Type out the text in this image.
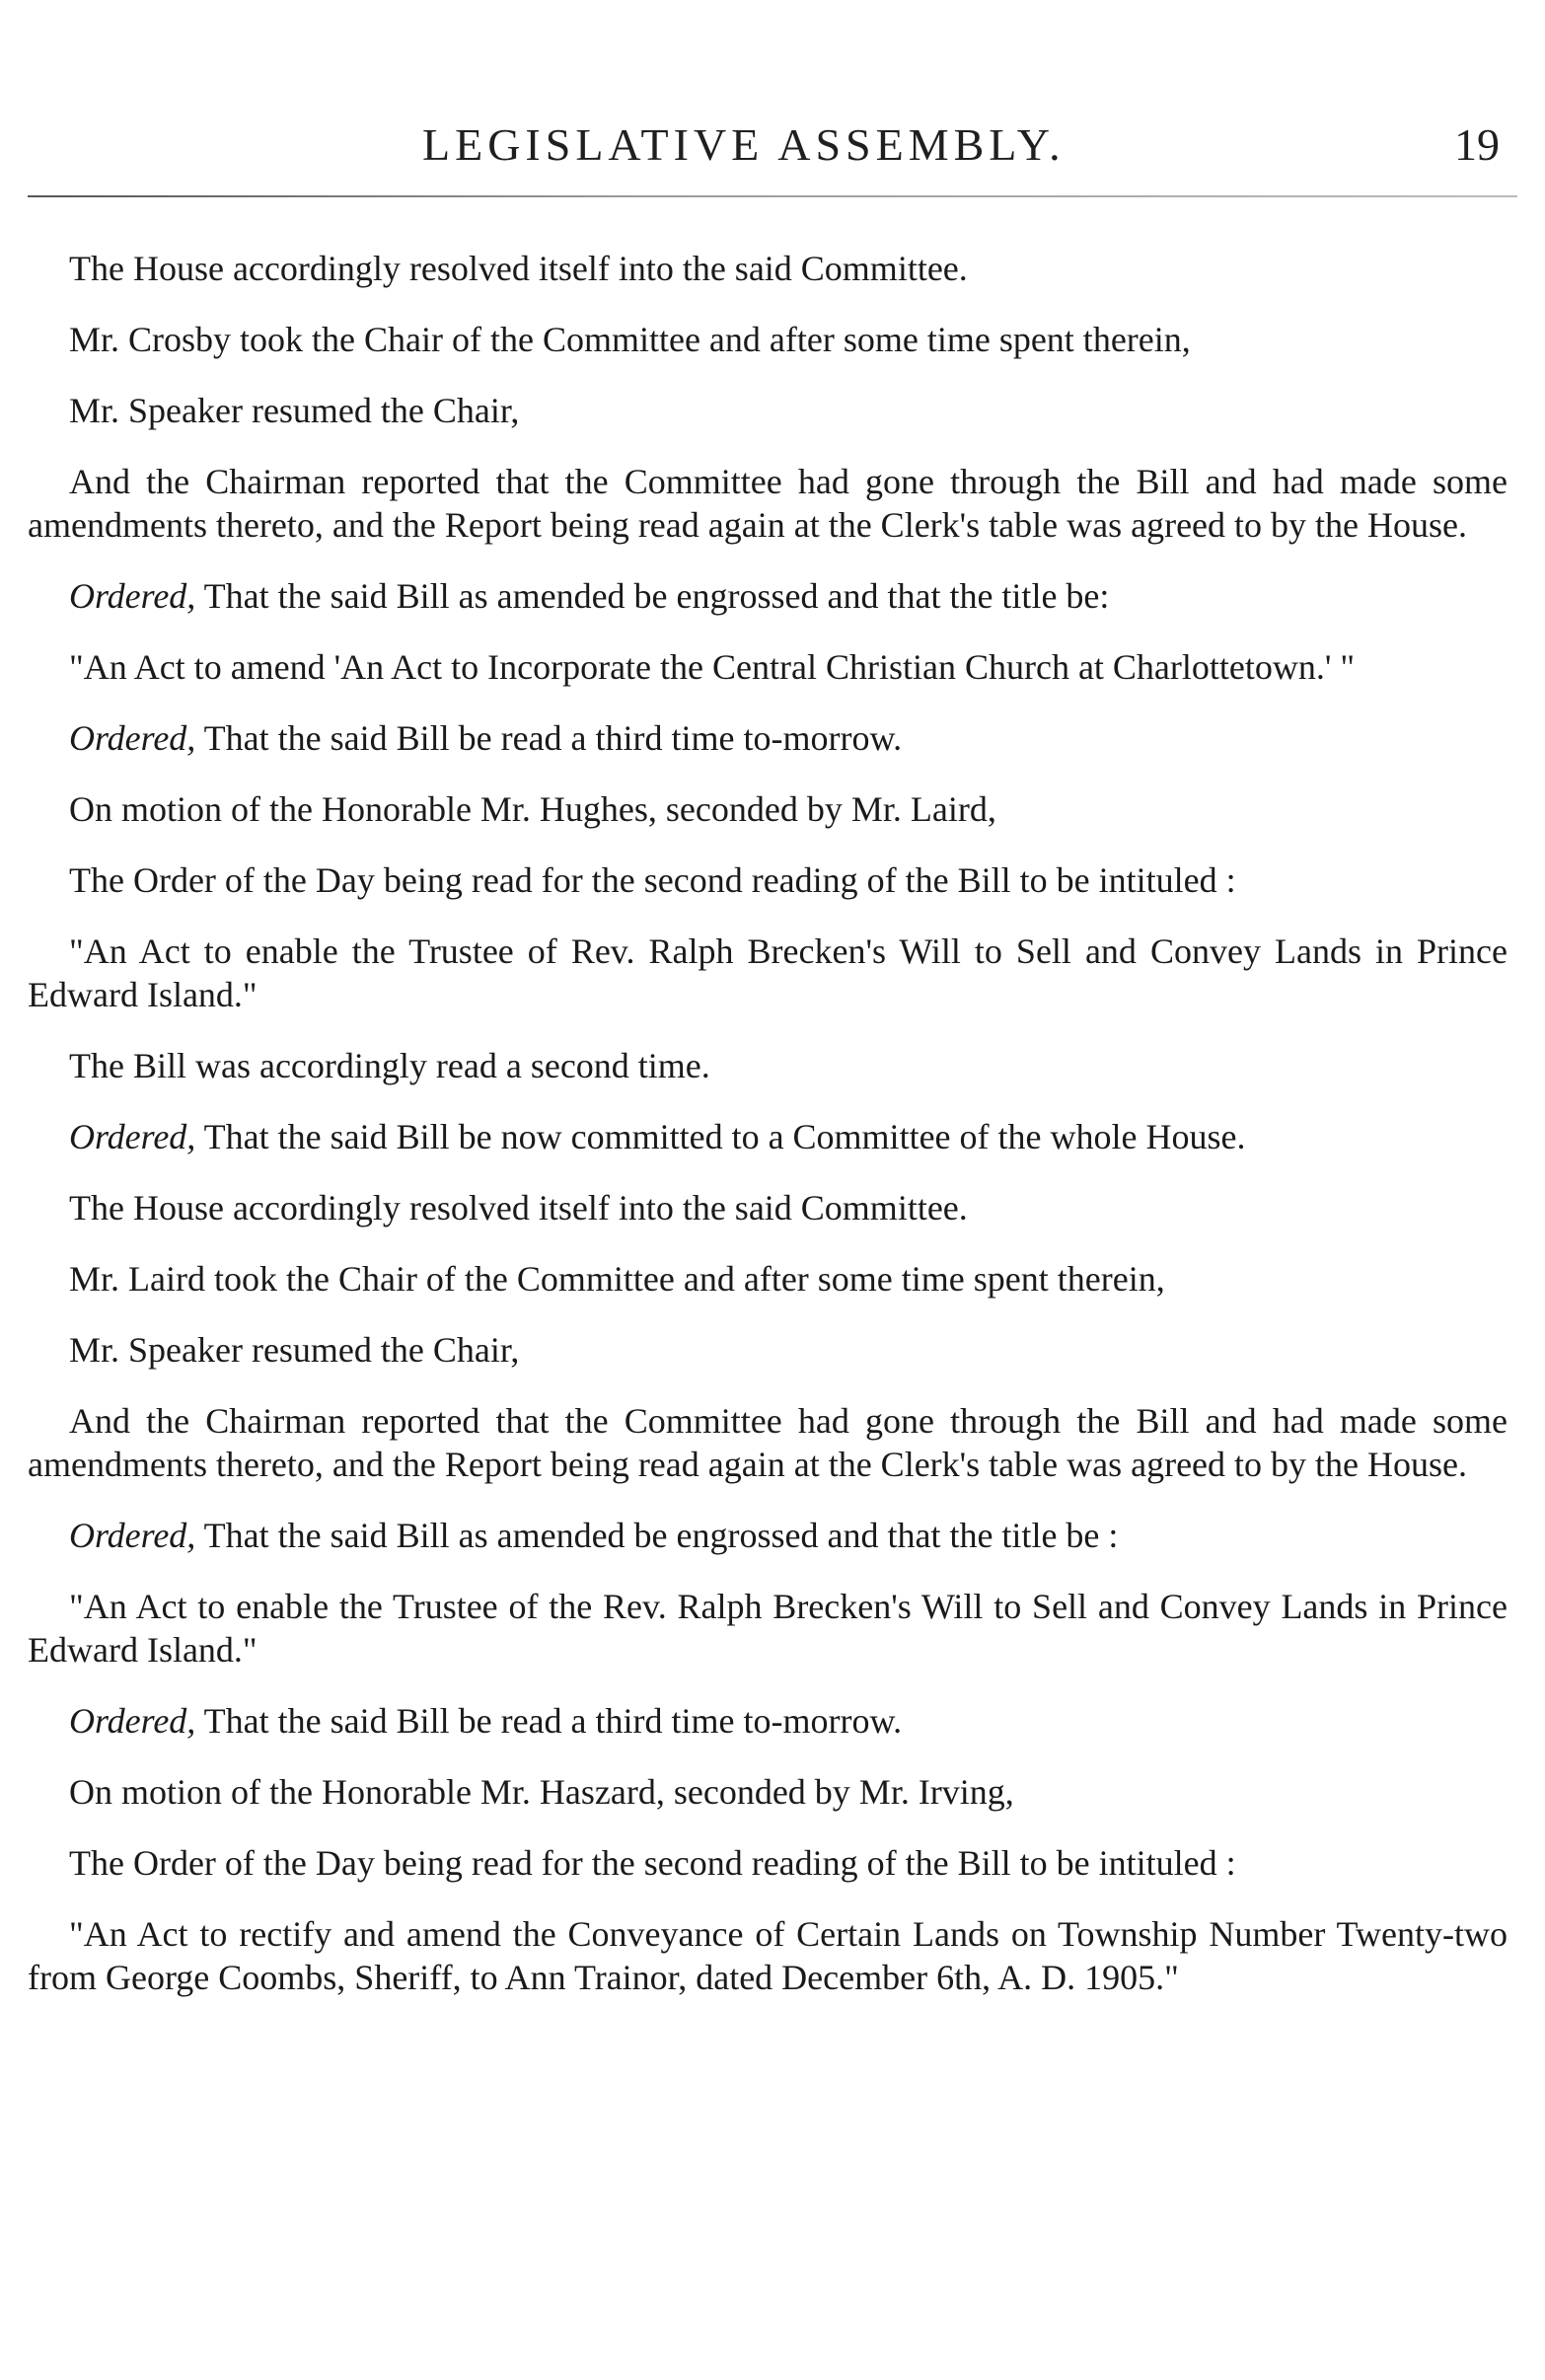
LEGISLATIVE ASSEMBLY.	19

The House accordingly resolved itself into the said Committee.

Mr. Crosby took the Chair of the Committee and after some time spent therein,

Mr. Speaker resumed the Chair,

And the Chairman reported that the Committee had gone through the Bill and had made some amendments thereto, and the Report being read again at the Clerk's table was agreed to by the House.

Ordered, That the said Bill as amended be engrossed and that the title be:

"An Act to amend 'An Act to Incorporate the Central Christian Church at Charlottetown.' "

Ordered, That the said Bill be read a third time to-morrow.

On motion of the Honorable Mr. Hughes, seconded by Mr. Laird,

The Order of the Day being read for the second reading of the Bill to be intituled :

"An Act to enable the Trustee of Rev. Ralph Brecken's Will to Sell and Convey Lands in Prince Edward Island."

The Bill was accordingly read a second time.

Ordered, That the said Bill be now committed to a Committee of the whole House.

The House accordingly resolved itself into the said Committee.

Mr. Laird took the Chair of the Committee and after some time spent therein,

Mr. Speaker resumed the Chair,

And the Chairman reported that the Committee had gone through the Bill and had made some amendments thereto, and the Report being read again at the Clerk's table was agreed to by the House.

Ordered, That the said Bill as amended be engrossed and that the title be :

"An Act to enable the Trustee of the Rev. Ralph Brecken's Will to Sell and Convey Lands in Prince Edward Island."

Ordered, That the said Bill be read a third time to-morrow.

On motion of the Honorable Mr. Haszard, seconded by Mr. Irving,

The Order of the Day being read for the second reading of the Bill to be intituled :

"An Act to rectify and amend the Conveyance of Certain Lands on Township Number Twenty-two from George Coombs, Sheriff, to Ann Trainor, dated December 6th, A. D. 1905."
